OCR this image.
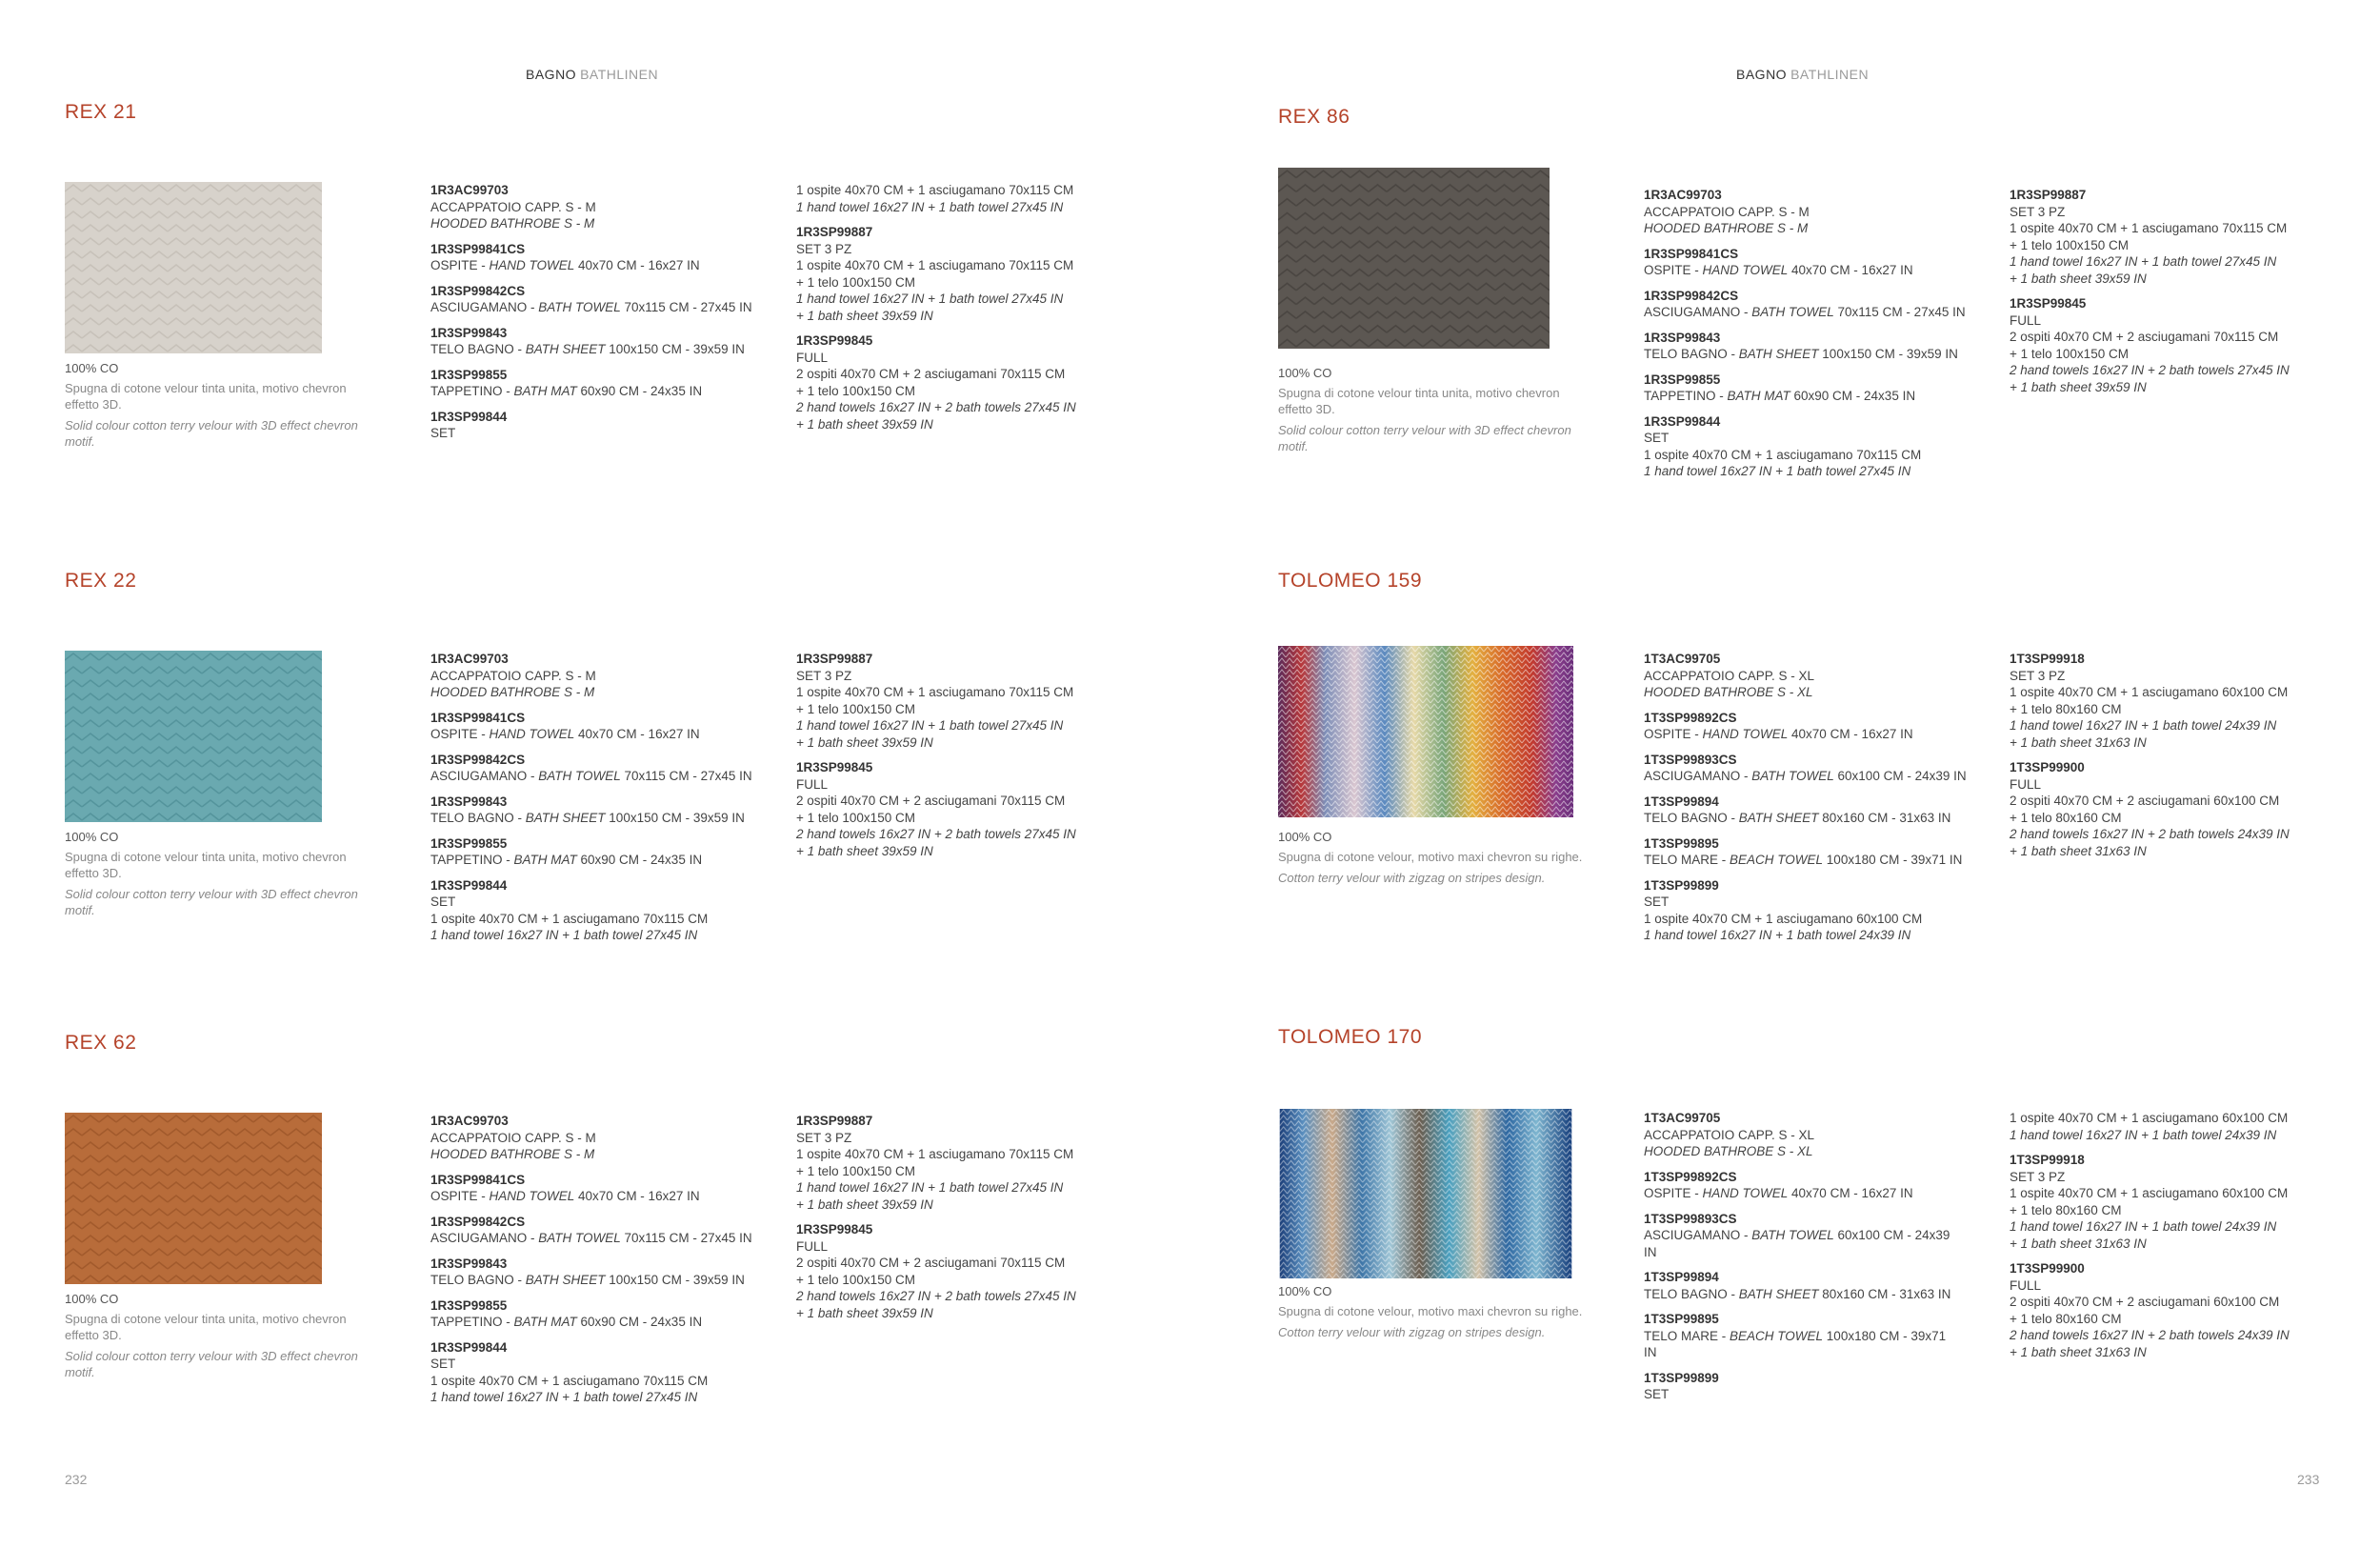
BAGNO BATHLINEN	BAGNO BATHLINEN
232	233
REX 21
100% CO
Spugna di cotone velour tinta unita, motivo chevron effetto 3D.
Solid colour cotton terry velour with 3D effect chevron motif.
1R3AC99703
ACCAPPATOIO CAPP. S - M
HOODED BATHROBE S - M
1R3SP99841CS
OSPITE - HAND TOWEL 40x70 CM - 16x27 IN
1R3SP99842CS
ASCIUGAMANO - BATH TOWEL 70x115 CM - 27x45 IN
1R3SP99843
TELO BAGNO - BATH SHEET 100x150 CM - 39x59 IN
1R3SP99855
TAPPETINO - BATH MAT 60x90 CM - 24x35 IN
1R3SP99844
SET
1 ospite 40x70 CM + 1 asciugamano 70x115 CM
1 hand towel 16x27 IN + 1 bath towel 27x45 IN
1R3SP99887
SET 3 PZ
1 ospite 40x70 CM + 1 asciugamano 70x115 CM
+ 1 telo 100x150 CM
1 hand towel 16x27 IN + 1 bath towel 27x45 IN
+ 1 bath sheet 39x59 IN
1R3SP99845
FULL
2 ospiti 40x70 CM + 2 asciugamani 70x115 CM
+ 1 telo 100x150 CM
2 hand towels 16x27 IN + 2 bath towels 27x45 IN
+ 1 bath sheet 39x59 IN
REX 22
100% CO
Spugna di cotone velour tinta unita, motivo chevron effetto 3D.
Solid colour cotton terry velour with 3D effect chevron motif.
1R3AC99703
ACCAPPATOIO CAPP. S - M
HOODED BATHROBE S - M
1R3SP99841CS
OSPITE - HAND TOWEL 40x70 CM - 16x27 IN
1R3SP99842CS
ASCIUGAMANO - BATH TOWEL 70x115 CM - 27x45 IN
1R3SP99843
TELO BAGNO - BATH SHEET 100x150 CM - 39x59 IN
1R3SP99855
TAPPETINO - BATH MAT 60x90 CM - 24x35 IN
1R3SP99844
SET
1 ospite 40x70 CM + 1 asciugamano 70x115 CM
1 hand towel 16x27 IN + 1 bath towel 27x45 IN
1R3SP99887
SET 3 PZ
1 ospite 40x70 CM + 1 asciugamano 70x115 CM
+ 1 telo 100x150 CM
1 hand towel 16x27 IN + 1 bath towel 27x45 IN
+ 1 bath sheet 39x59 IN
1R3SP99845
FULL
2 ospiti 40x70 CM + 2 asciugamani 70x115 CM
+ 1 telo 100x150 CM
2 hand towels 16x27 IN + 2 bath towels 27x45 IN
+ 1 bath sheet 39x59 IN
REX 62
100% CO
Spugna di cotone velour tinta unita, motivo chevron effetto 3D.
Solid colour cotton terry velour with 3D effect chevron motif.
1R3AC99703
ACCAPPATOIO CAPP. S - M
HOODED BATHROBE S - M
1R3SP99841CS
OSPITE - HAND TOWEL 40x70 CM - 16x27 IN
1R3SP99842CS
ASCIUGAMANO - BATH TOWEL 70x115 CM - 27x45 IN
1R3SP99843
TELO BAGNO - BATH SHEET 100x150 CM - 39x59 IN
1R3SP99855
TAPPETINO - BATH MAT 60x90 CM - 24x35 IN
1R3SP99844
SET
1 ospite 40x70 CM + 1 asciugamano 70x115 CM
1 hand towel 16x27 IN + 1 bath towel 27x45 IN
1R3SP99887
SET 3 PZ
1 ospite 40x70 CM + 1 asciugamano 70x115 CM
+ 1 telo 100x150 CM
1 hand towel 16x27 IN + 1 bath towel 27x45 IN
+ 1 bath sheet 39x59 IN
1R3SP99845
FULL
2 ospiti 40x70 CM + 2 asciugamani 70x115 CM
+ 1 telo 100x150 CM
2 hand towels 16x27 IN + 2 bath towels 27x45 IN
+ 1 bath sheet 39x59 IN
REX 86
100% CO
Spugna di cotone velour tinta unita, motivo chevron effetto 3D.
Solid colour cotton terry velour with 3D effect chevron motif.
1R3AC99703
ACCAPPATOIO CAPP. S - M
HOODED BATHROBE S - M
1R3SP99841CS
OSPITE - HAND TOWEL 40x70 CM - 16x27 IN
1R3SP99842CS
ASCIUGAMANO - BATH TOWEL 70x115 CM - 27x45 IN
1R3SP99843
TELO BAGNO - BATH SHEET 100x150 CM - 39x59 IN
1R3SP99855
TAPPETINO - BATH MAT 60x90 CM - 24x35 IN
1R3SP99844
SET
1 ospite 40x70 CM + 1 asciugamano 70x115 CM
1 hand towel 16x27 IN + 1 bath towel 27x45 IN
1R3SP99887
SET 3 PZ
1 ospite 40x70 CM + 1 asciugamano 70x115 CM
+ 1 telo 100x150 CM
1 hand towel 16x27 IN + 1 bath towel 27x45 IN
+ 1 bath sheet 39x59 IN
1R3SP99845
FULL
2 ospiti 40x70 CM + 2 asciugamani 70x115 CM
+ 1 telo 100x150 CM
2 hand towels 16x27 IN + 2 bath towels 27x45 IN
+ 1 bath sheet 39x59 IN
TOLOMEO 159
100% CO
Spugna di cotone velour, motivo maxi chevron su righe.
Cotton terry velour with zigzag on stripes design.
1T3AC99705
ACCAPPATOIO CAPP. S - XL
HOODED BATHROBE S - XL
1T3SP99892CS
OSPITE - HAND TOWEL 40x70 CM - 16x27 IN
1T3SP99893CS
ASCIUGAMANO - BATH TOWEL 60x100 CM - 24x39 IN
1T3SP99894
TELO BAGNO - BATH SHEET 80x160 CM - 31x63 IN
1T3SP99895
TELO MARE - BEACH TOWEL 100x180 CM - 39x71 IN
1T3SP99899
SET
1 ospite 40x70 CM + 1 asciugamano 60x100 CM
1 hand towel 16x27 IN + 1 bath towel 24x39 IN
1T3SP99918
SET 3 PZ
1 ospite 40x70 CM + 1 asciugamano 60x100 CM
+ 1 telo 80x160 CM
1 hand towel 16x27 IN + 1 bath towel 24x39 IN
+ 1 bath sheet 31x63 IN
1T3SP99900
FULL
2 ospiti 40x70 CM + 2 asciugamani 60x100 CM
+ 1 telo 80x160 CM
2 hand towels 16x27 IN + 2 bath towels 24x39 IN
+ 1 bath sheet 31x63 IN
TOLOMEO 170
100% CO
Spugna di cotone velour, motivo maxi chevron su righe.
Cotton terry velour with zigzag on stripes design.
1T3AC99705
ACCAPPATOIO CAPP. S - XL
HOODED BATHROBE S - XL
1T3SP99892CS
OSPITE - HAND TOWEL 40x70 CM - 16x27 IN
1T3SP99893CS
ASCIUGAMANO - BATH TOWEL 60x100 CM - 24x39 IN
1T3SP99894
TELO BAGNO - BATH SHEET 80x160 CM - 31x63 IN
1T3SP99895
TELO MARE - BEACH TOWEL 100x180 CM - 39x71 IN
1T3SP99899
SET
1 ospite 40x70 CM + 1 asciugamano 60x100 CM
1 hand towel 16x27 IN + 1 bath towel 24x39 IN
1T3SP99918
SET 3 PZ
1 ospite 40x70 CM + 1 asciugamano 60x100 CM
+ 1 telo 80x160 CM
1 hand towel 16x27 IN + 1 bath towel 24x39 IN
+ 1 bath sheet 31x63 IN
1T3SP99900
FULL
2 ospiti 40x70 CM + 2 asciugamani 60x100 CM
+ 1 telo 80x160 CM
2 hand towels 16x27 IN + 2 bath towels 24x39 IN
+ 1 bath sheet 31x63 IN
